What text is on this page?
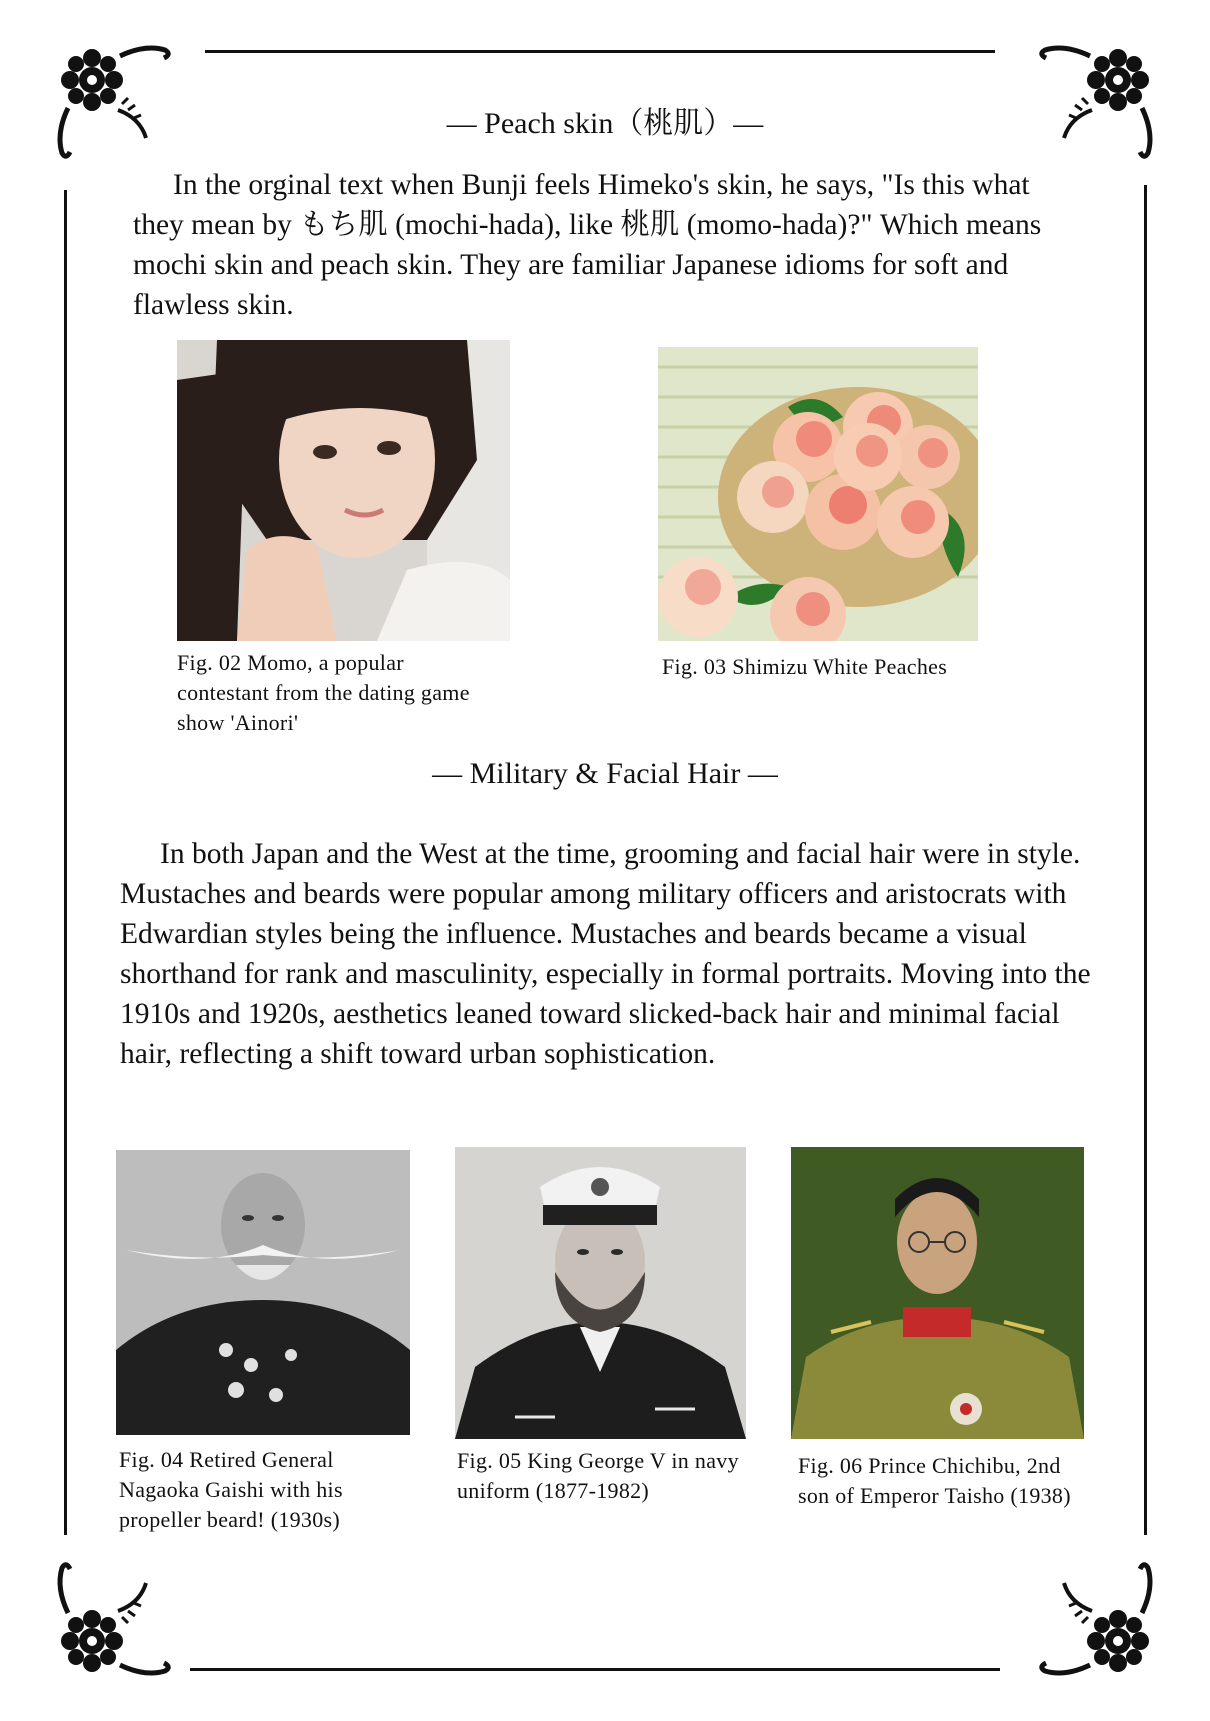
— Peach skin（桃肌）—

In the orginal text when Bunji feels Himeko's skin, he says, "Is this what they mean by もち肌 (mochi-hada), like 桃肌 (momo-hada)?" Which means mochi skin and peach skin. They are familiar Japanese idioms for soft and flawless skin.

Fig. 02 Momo, a popular contestant from the dating game show 'Ainori'
Fig. 03 Shimizu White Peaches
— Military & Facial Hair —

In both Japan and the West at the time, grooming and facial hair were in style. Mustaches and beards were popular among military officers and aristocrats with Edwardian styles being the influence. Mustaches and beards became a visual shorthand for rank and masculinity, especially in formal portraits. Moving into the 1910s and 1920s, aesthetics leaned toward slicked-back hair and minimal facial hair, reflecting a shift toward urban sophistication.

Fig. 04 Retired General Nagaoka Gaishi with his propeller beard! (1930s)
Fig. 05 King George V in navy uniform (1877-1982)
Fig. 06 Prince Chichibu, 2nd son of Emperor Taisho (1938)
